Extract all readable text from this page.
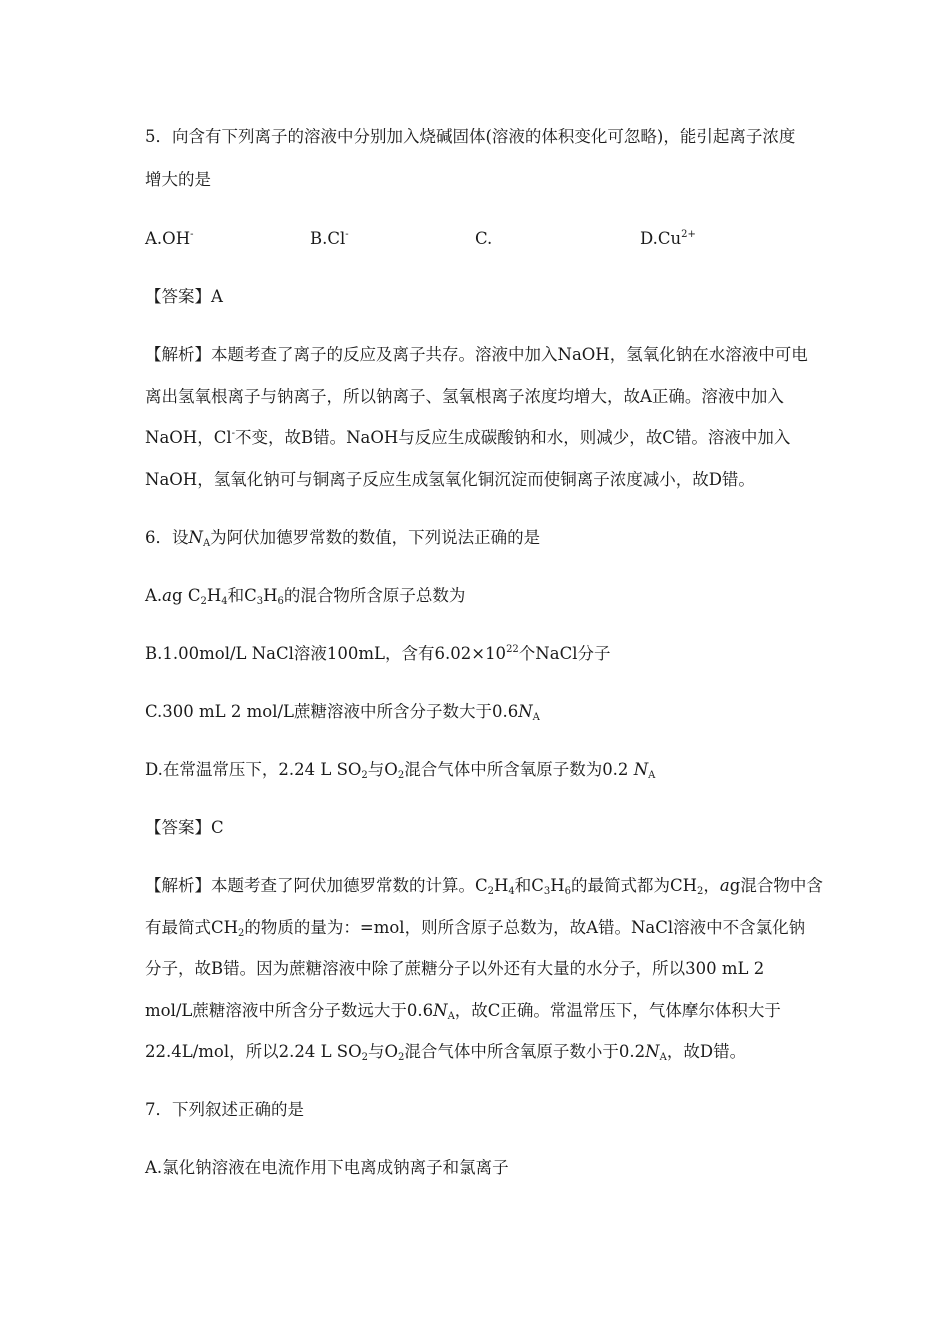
5．向含有下列离子的溶液中分别加入烧碱固体(溶液的体积变化可忽略)，能引起离子浓度
增大的是
A.OH-	B.Cl-	C.	$D.Cu^{2+}$
【答案】A
【解析】本题考查了离子的反应及离子共存。溶液中加入NaOH，氢氧化钠在水溶液中可电
离出氢氧根离子与钠离子，所以钠离子、氢氧根离子浓度均增大，故A正确。溶液中加入
NaOH，Cl-不变，故B错。NaOH与反应生成碳酸钠和水，则减少，故C错。溶液中加入
NaOH，氢氧化钠可与铜离子反应生成氢氧化铜沉淀而使铜离子浓度减小，故D错。
6．设$N_A$为阿伏加德罗常数的数值，下列说法正确的是
A.ag $C_2H_4$和$C_3H_6$的混合物所含原子总数为
B.1.00mol/L NaCl溶液100mL，含有$6.02\times 10^{22}$个NaCl分子
C.300 mL 2 mol/L蔗糖溶液中所含分子数大于$0.6N_A$
D.在常温常压下，2.24 L $SO_2$与$O_2$混合气体中所含氧原子数为0.2 $N_A$
【答案】C
【解析】本题考查了阿伏加德罗常数的计算。$C_2H_4$和$C_3H_6$的最简式都为$CH_2$，ag混合物中含
有最简式$CH_2$的物质的量为：=mol，则所含原子总数为，故A错。NaCl溶液中不含氯化钠
分子，故B错。因为蔗糖溶液中除了蔗糖分子以外还有大量的水分子，所以300 mL 2
mol/L蔗糖溶液中所含分子数远大于$0.6N_A$，故C正确。常温常压下，气体摩尔体积大于
22.4L/mol，所以2.24 L $SO_2$与$O_2$混合气体中所含氧原子数小于$0.2N_A$，故D错。
7．下列叙述正确的是
A.氯化钠溶液在电流作用下电离成钠离子和氯离子
